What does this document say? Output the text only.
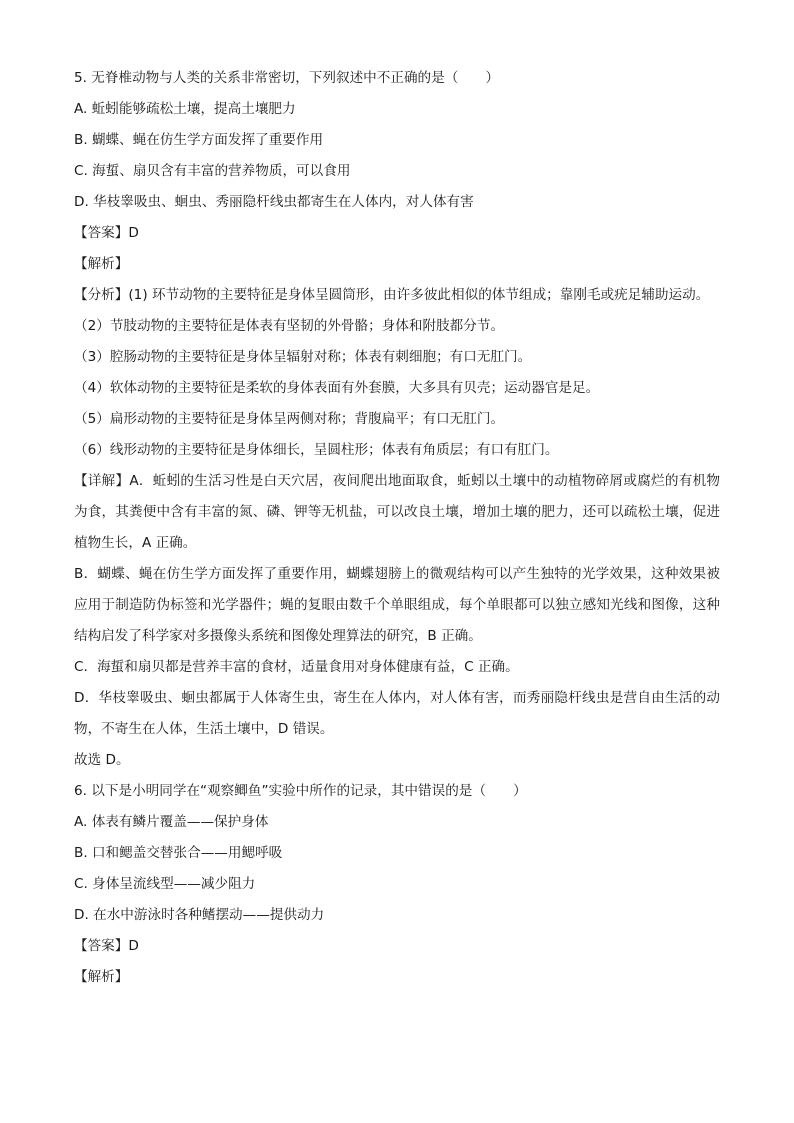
5. 无脊椎动物与人类的关系非常密切，下列叙述中不正确的是（　　）
A. 蚯蚓能够疏松土壤，提高土壤肥力
B. 蝴蝶、蝇在仿生学方面发挥了重要作用
C. 海蜇、扇贝含有丰富的营养物质，可以食用
D. 华枝睾吸虫、蛔虫、秀丽隐杆线虫都寄生在人体内，对人体有害
【答案】D
【解析】
【分析】(1) 环节动物的主要特征是身体呈圆筒形，由许多彼此相似的体节组成；靠刚毛或疣足辅助运动。
（2）节肢动物的主要特征是体表有坚韧的外骨骼；身体和附肢都分节。
（3）腔肠动物的主要特征是身体呈辐射对称；体表有刺细胞；有口无肛门。
（4）软体动物的主要特征是柔软的身体表面有外套膜，大多具有贝壳；运动器官是足。
（5）扁形动物的主要特征是身体呈两侧对称；背腹扁平；有口无肛门。
（6）线形动物的主要特征是身体细长，呈圆柱形；体表有角质层；有口有肛门。
【详解】A．蚯蚓的生活习性是白天穴居，夜间爬出地面取食，蚯蚓以土壤中的动植物碎屑或腐烂的有机物为食，其粪便中含有丰富的氮、磷、钾等无机盐，可以改良土壤，增加土壤的肥力，还可以疏松土壤，促进植物生长，A 正确。
B．蝴蝶、蝇在仿生学方面发挥了重要作用，蝴蝶翅膀上的微观结构可以产生独特的光学效果，这种效果被应用于制造防伪标签和光学器件；蝇的复眼由数千个单眼组成，每个单眼都可以独立感知光线和图像，这种结构启发了科学家对多摄像头系统和图像处理算法的研究，B 正确。
C．海蜇和扇贝都是营养丰富的食材，适量食用对身体健康有益，C 正确。
D．华枝睾吸虫、蛔虫都属于人体寄生虫，寄生在人体内，对人体有害，而秀丽隐杆线虫是营自由生活的动物，不寄生在人体，生活土壤中，D 错误。
故选 D。
6. 以下是小明同学在“观察鲫鱼”实验中所作的记录，其中错误的是（　　）
A. 体表有鳞片覆盖——保护身体
B. 口和鳃盖交替张合——用鳃呼吸
C. 身体呈流线型——减少阻力
D. 在水中游泳时各种鳍摆动——提供动力
【答案】D
【解析】
